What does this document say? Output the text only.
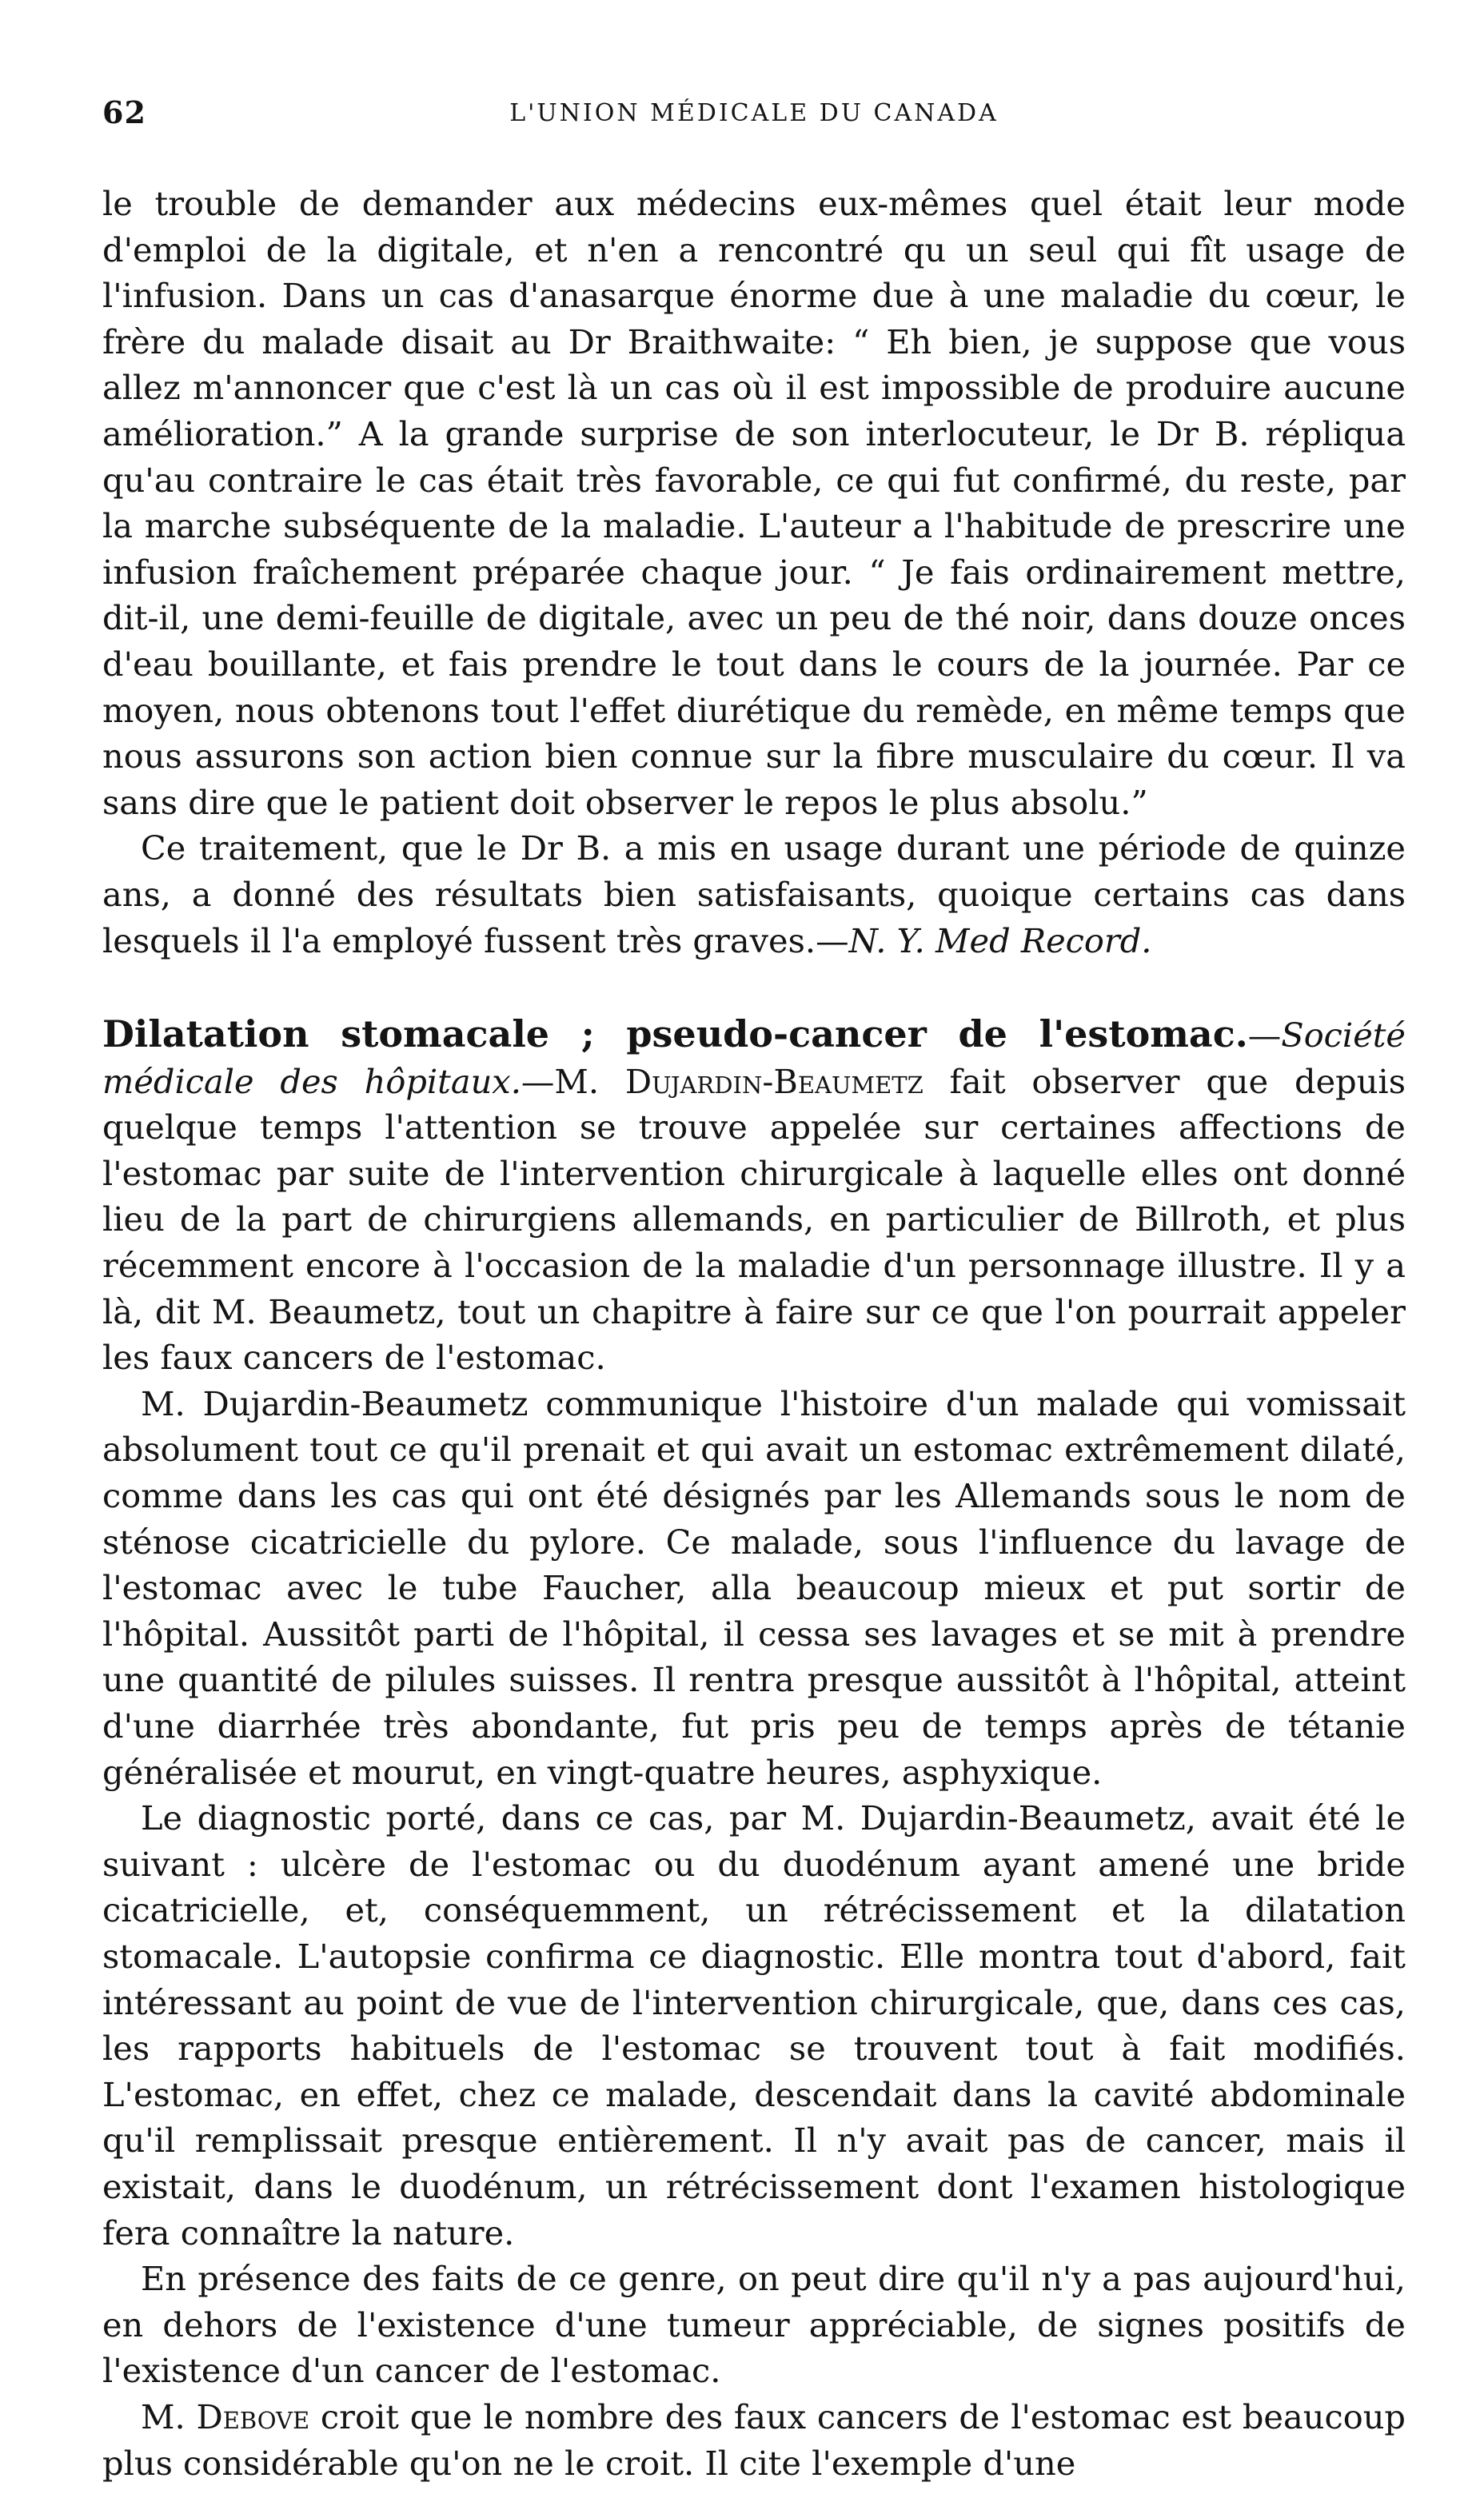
62	L'UNION MÉDICALE DU CANADA

le trouble de demander aux médecins eux-mêmes quel était leur mode d'emploi de la digitale, et n'en a rencontré qu un seul qui fît usage de l'infusion. Dans un cas d'anasarque énorme due à une maladie du cœur, le frère du malade disait au Dr Braithwaite: “ Eh bien, je suppose que vous allez m'annoncer que c'est là un cas où il est impossible de produire aucune amélioration.” A la grande surprise de son interlocuteur, le Dr B. répliqua qu'au contraire le cas était très favorable, ce qui fut confirmé, du reste, par la marche subséquente de la maladie. L'auteur a l'habitude de prescrire une infusion fraîchement préparée chaque jour. “ Je fais ordinairement mettre, dit-il, une demi-feuille de digitale, avec un peu de thé noir, dans douze onces d'eau bouillante, et fais prendre le tout dans le cours de la journée. Par ce moyen, nous obtenons tout l'effet diurétique du remède, en même temps que nous assurons son action bien connue sur la fibre musculaire du cœur. Il va sans dire que le patient doit observer le repos le plus absolu.”

Ce traitement, que le Dr B. a mis en usage durant une période de quinze ans, a donné des résultats bien satisfaisants, quoique certains cas dans lesquels il l'a employé fussent très graves.—N. Y. Med Record.

Dilatation stomacale ; pseudo-cancer de l'estomac.—Société médicale des hôpitaux.—M. Dujardin-Beaumetz fait observer que depuis quelque temps l'attention se trouve appelée sur certaines affections de l'estomac par suite de l'intervention chirurgicale à laquelle elles ont donné lieu de la part de chirurgiens allemands, en particulier de Billroth, et plus récemment encore à l'occasion de la maladie d'un personnage illustre. Il y a là, dit M. Beaumetz, tout un chapitre à faire sur ce que l'on pourrait appeler les faux cancers de l'estomac.

M. Dujardin-Beaumetz communique l'histoire d'un malade qui vomissait absolument tout ce qu'il prenait et qui avait un estomac extrêmement dilaté, comme dans les cas qui ont été désignés par les Allemands sous le nom de sténose cicatricielle du pylore. Ce malade, sous l'influence du lavage de l'estomac avec le tube Faucher, alla beaucoup mieux et put sortir de l'hôpital. Aussitôt parti de l'hôpital, il cessa ses lavages et se mit à prendre une quantité de pilules suisses. Il rentra presque aussitôt à l'hôpital, atteint d'une diarrhée très abondante, fut pris peu de temps après de tétanie généralisée et mourut, en vingt-quatre heures, asphyxique.

Le diagnostic porté, dans ce cas, par M. Dujardin-Beaumetz, avait été le suivant : ulcère de l'estomac ou du duodénum ayant amené une bride cicatricielle, et, conséquemment, un rétrécissement et la dilatation stomacale. L'autopsie confirma ce diagnostic. Elle montra tout d'abord, fait intéressant au point de vue de l'intervention chirurgicale, que, dans ces cas, les rapports habituels de l'estomac se trouvent tout à fait modifiés. L'estomac, en effet, chez ce malade, descendait dans la cavité abdominale qu'il remplissait presque entièrement. Il n'y avait pas de cancer, mais il existait, dans le duodénum, un rétrécissement dont l'examen histologique fera connaître la nature.

En présence des faits de ce genre, on peut dire qu'il n'y a pas aujourd'hui, en dehors de l'existence d'une tumeur appréciable, de signes positifs de l'existence d'un cancer de l'estomac.

M. Debove croit que le nombre des faux cancers de l'estomac est beaucoup plus considérable qu'on ne le croit. Il cite l'exemple d'une
